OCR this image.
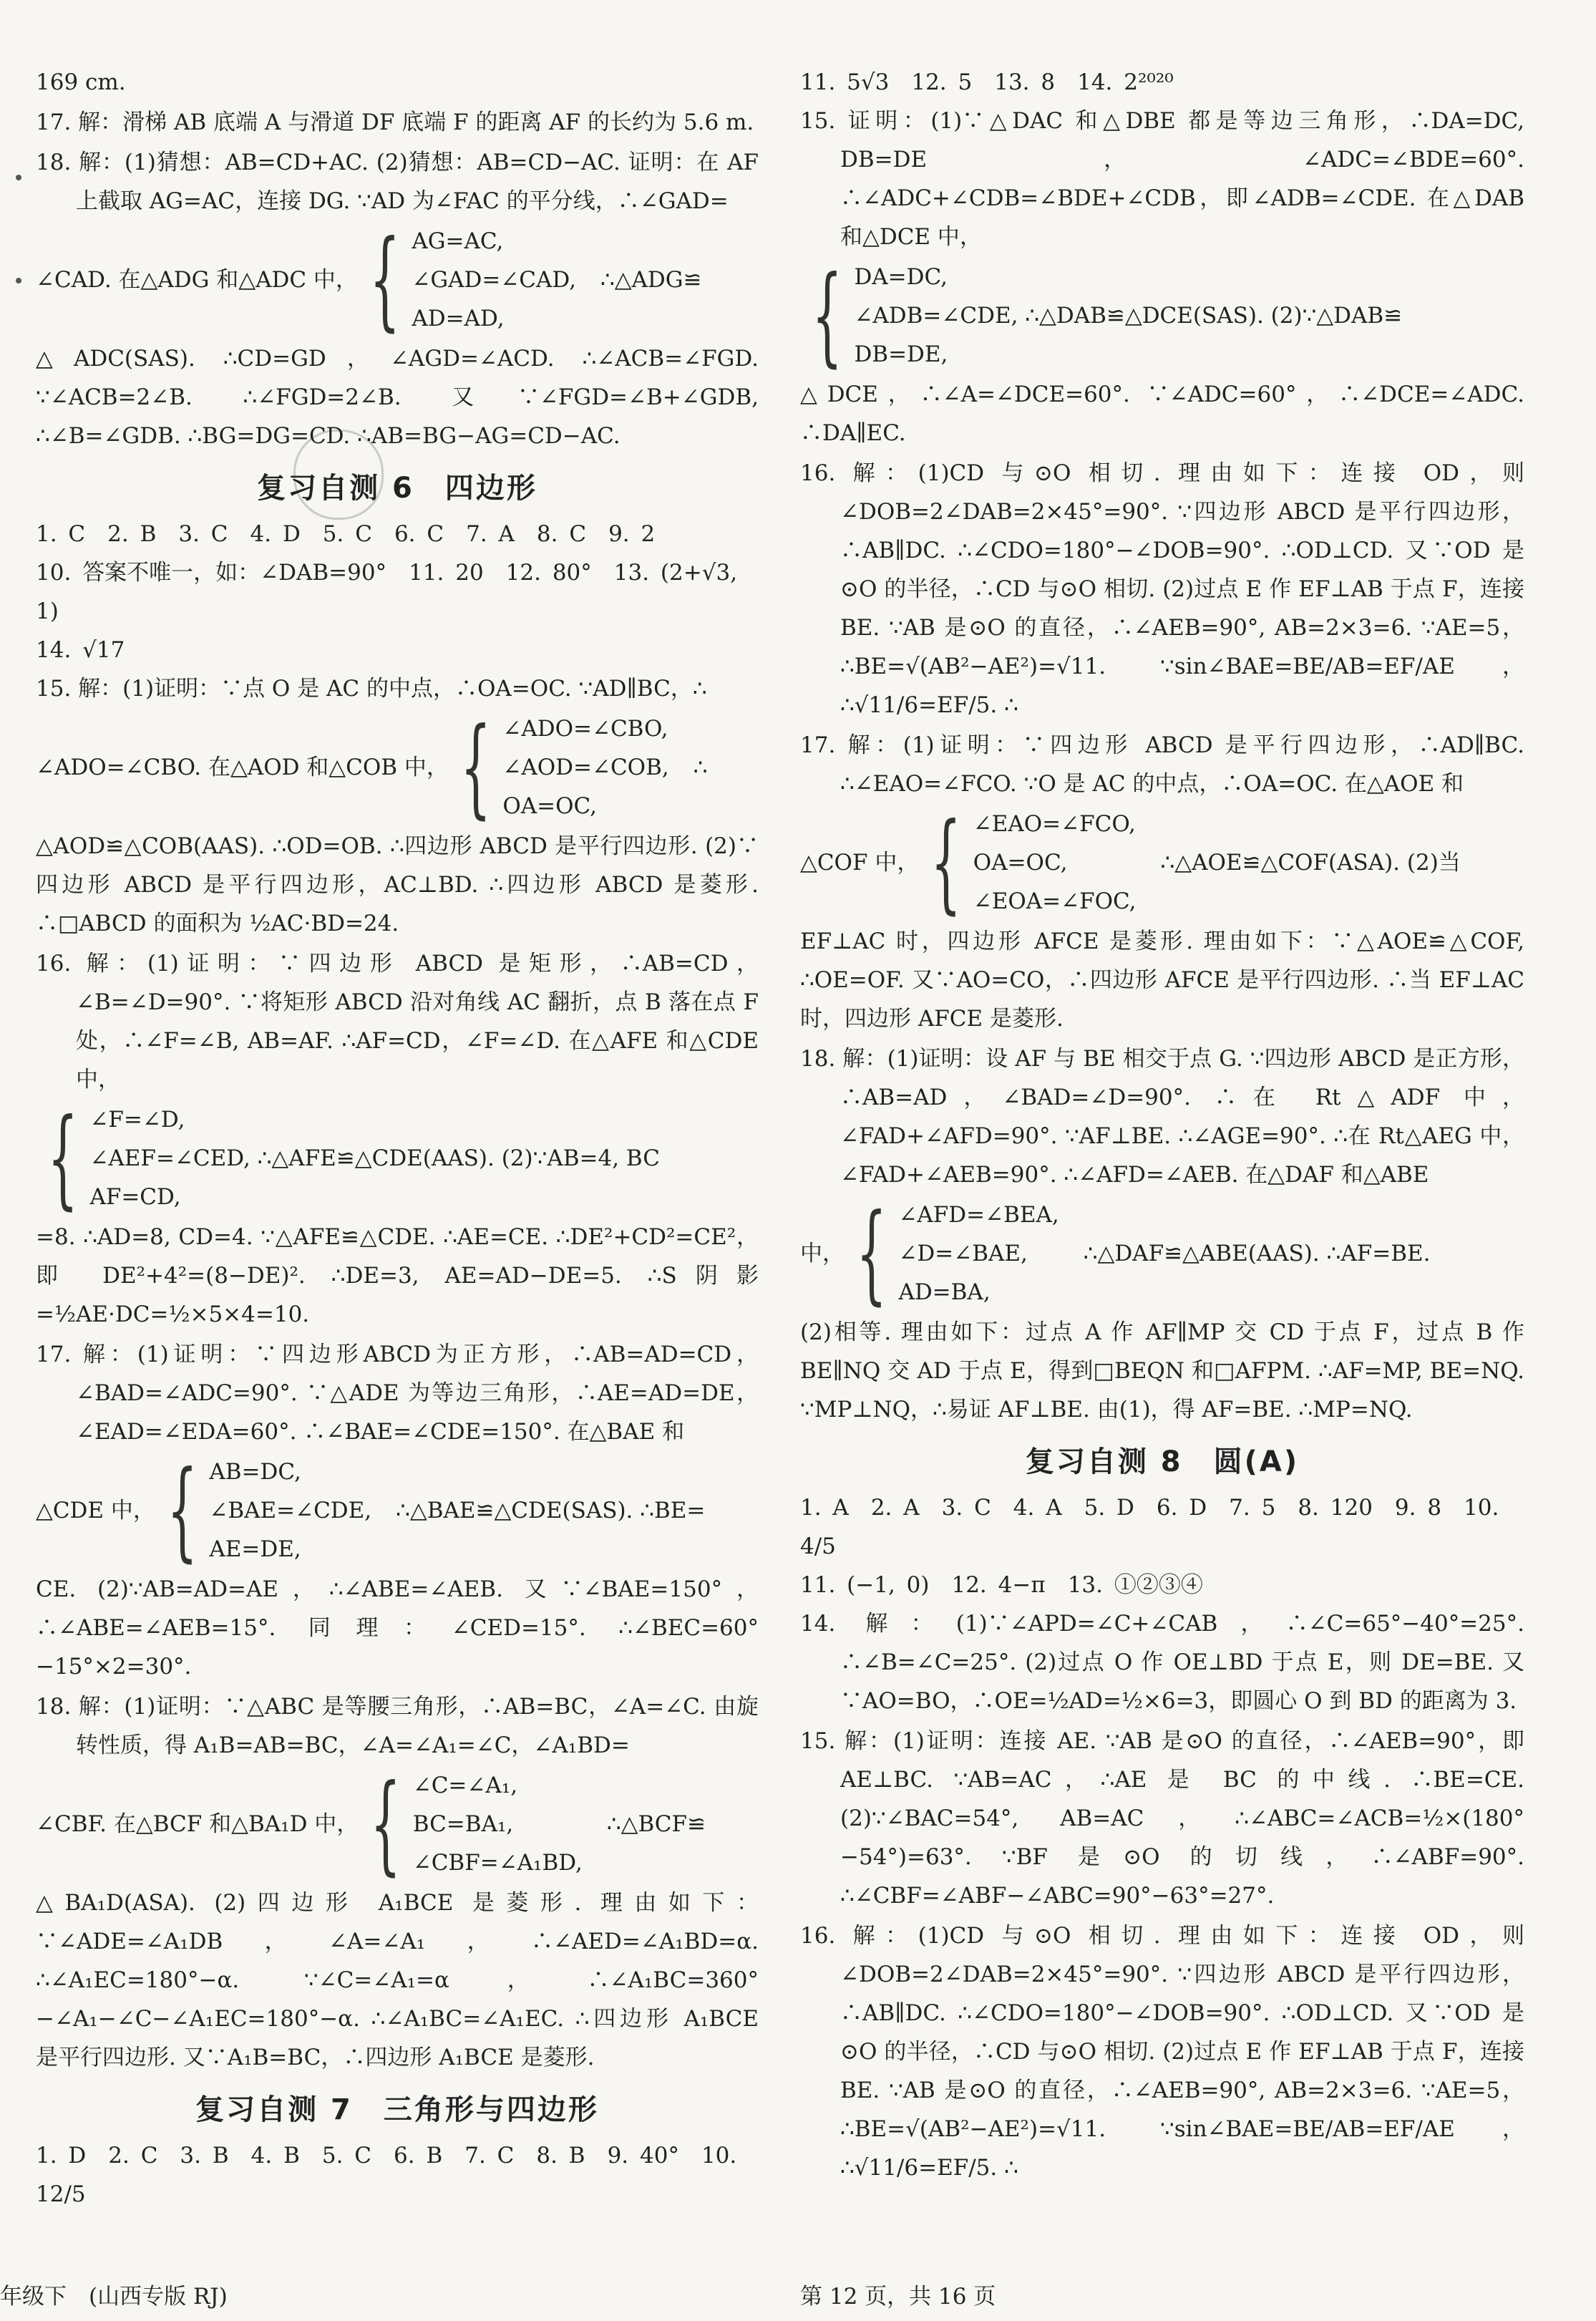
169 cm.

17. 解：滑梯 AB 底端 A 与滑道 DF 底端 F 的距离 AF 的长约为 5.6 m.

18. 解：(1)猜想：AB=CD+AC. (2)猜想：AB=CD−AC. 证明：在 AF 上截取 AG=AC，连接 DG. ∵AD 为∠FAC 的平分线，∴∠GAD=

∠CAD. 在△ADG 和△ADC 中， { AG=AC,
∠GAD=∠CAD,
AD=AD,
∴△ADG≌

△ADC(SAS). ∴CD=GD，∠AGD=∠ACD. ∴∠ACB=∠FGD. ∵∠ACB=2∠B. ∴∠FGD=2∠B. 又∵∠FGD=∠B+∠GDB, ∴∠B=∠GDB. ∴BG=DG=CD. ∴AB=BG−AG=CD−AC.

复习自测 6　四边形
1. C　2. B　3. C　4. D　5. C　6. C　7. A　8. C　9. 2
10. 答案不唯一，如：∠DAB=90°　11. 20　12. 80°　13. (2+√3, 1)
14. √17

15. 解：(1)证明：∵点 O 是 AC 的中点，∴OA=OC. ∵AD∥BC，∴

∠ADO=∠CBO. 在△AOD 和△COB 中， { ∠ADO=∠CBO,
∠AOD=∠COB,
OA=OC,
∴

△AOD≌△COB(AAS). ∴OD=OB. ∴四边形 ABCD 是平行四边形. (2)∵四边形 ABCD 是平行四边形，AC⊥BD. ∴四边形 ABCD 是菱形. ∴□ABCD 的面积为 ½AC·BD=24.

16. 解：(1)证明：∵四边形 ABCD 是矩形，∴AB=CD，∠B=∠D=90°. ∵将矩形 ABCD 沿对角线 AC 翻折，点 B 落在点 F 处，∴∠F=∠B, AB=AF. ∴AF=CD，∠F=∠D. 在△AFE 和△CDE 中，

{ ∠F=∠D,
∠AEF=∠CED, ∴△AFE≌△CDE(AAS). (2)∵AB=4, BC
AF=CD,

=8. ∴AD=8, CD=4. ∵△AFE≌△CDE. ∴AE=CE. ∴DE²+CD²=CE²，即 DE²+4²=(8−DE)². ∴DE=3, AE=AD−DE=5. ∴S阴影=½AE·DC=½×5×4=10.

17. 解：(1)证明：∵四边形ABCD为正方形，∴AB=AD=CD，∠BAD=∠ADC=90°. ∵△ADE 为等边三角形，∴AE=AD=DE，∠EAD=∠EDA=60°. ∴∠BAE=∠CDE=150°. 在△BAE 和

△CDE 中， { AB=DC,
∠BAE=∠CDE,
AE=DE,
∴△BAE≌△CDE(SAS). ∴BE=

CE. (2)∵AB=AD=AE，∴∠ABE=∠AEB. 又∵∠BAE=150°，∴∠ABE=∠AEB=15°. 同理：∠CED=15°. ∴∠BEC=60°−15°×2=30°.

18. 解：(1)证明：∵△ABC 是等腰三角形，∴AB=BC，∠A=∠C. 由旋转性质，得 A₁B=AB=BC，∠A=∠A₁=∠C，∠A₁BD=

∠CBF. 在△BCF 和△BA₁D 中， { ∠C=∠A₁,
BC=BA₁,
∠CBF=∠A₁BD,
∴△BCF≌

△BA₁D(ASA). (2)四边形 A₁BCE 是菱形. 理由如下：∵∠ADE=∠A₁DB，∠A=∠A₁，∴∠AED=∠A₁BD=α. ∴∠A₁EC=180°−α. ∵∠C=∠A₁=α，∴∠A₁BC=360°−∠A₁−∠C−∠A₁EC=180°−α. ∴∠A₁BC=∠A₁EC. ∴四边形 A₁BCE 是平行四边形. 又∵A₁B=BC，∴四边形 A₁BCE 是菱形.

复习自测 7　三角形与四边形
1. D　2. C　3. B　4. B　5. C　6. B　7. C　8. B　9. 40°　10. 12/5
11. 5√3　12. 5　13. 8　14. 2²⁰²⁰

15. 证明：(1)∵△DAC 和△DBE 都是等边三角形，∴DA=DC, DB=DE，∠ADC=∠BDE=60°. ∴∠ADC+∠CDB=∠BDE+∠CDB，即∠ADB=∠CDE. 在△DAB 和△DCE 中，

{ DA=DC,
∠ADB=∠CDE, ∴△DAB≌△DCE(SAS). (2)∵△DAB≌
DB=DE,

△DCE，∴∠A=∠DCE=60°. ∵∠ADC=60°，∴∠DCE=∠ADC. ∴DA∥EC.

16. 解：(1)CD 与⊙O 相切. 理由如下：连接 OD，则∠DOB=2∠DAB=2×45°=90°. ∵四边形 ABCD 是平行四边形，∴AB∥DC. ∴∠CDO=180°−∠DOB=90°. ∴OD⊥CD. 又∵OD 是⊙O 的半径，∴CD 与⊙O 相切. (2)过点 E 作 EF⊥AB 于点 F，连接 BE. ∵AB 是⊙O 的直径，∴∠AEB=90°, AB=2×3=6. ∵AE=5，∴BE=√(AB²−AE²)=√11. ∵sin∠BAE=BE/AB=EF/AE，∴√11/6=EF/5. ∴

17. 解：(1)证明：∵四边形 ABCD 是平行四边形，∴AD∥BC. ∴∠EAO=∠FCO. ∵O 是 AC 的中点，∴OA=OC. 在△AOE 和

△COF 中， { ∠EAO=∠FCO,
OA=OC,
∠EOA=∠FOC,
∴△AOE≌△COF(ASA). (2)当

EF⊥AC 时，四边形 AFCE 是菱形. 理由如下：∵△AOE≌△COF, ∴OE=OF. 又∵AO=CO，∴四边形 AFCE 是平行四边形. ∴当 EF⊥AC 时，四边形 AFCE 是菱形.

18. 解：(1)证明：设 AF 与 BE 相交于点 G. ∵四边形 ABCD 是正方形，∴AB=AD，∠BAD=∠D=90°. ∴在 Rt△ADF 中，∠FAD+∠AFD=90°. ∵AF⊥BE. ∴∠AGE=90°. ∴在 Rt△AEG 中，∠FAD+∠AEB=90°. ∴∠AFD=∠AEB. 在△DAF 和△ABE

中， { ∠AFD=∠BEA,
∠D=∠BAE,
AD=BA,
∴△DAF≌△ABE(AAS). ∴AF=BE.

(2)相等. 理由如下：过点 A 作 AF∥MP 交 CD 于点 F，过点 B 作 BE∥NQ 交 AD 于点 E，得到□BEQN 和□AFPM. ∴AF=MP, BE=NQ. ∵MP⊥NQ，∴易证 AF⊥BE. 由(1)，得 AF=BE. ∴MP=NQ.

复习自测 8　圆(A)
1. A　2. A　3. C　4. A　5. D　6. D　7. 5　8. 120　9. 8　10. 4/5
11. (−1, 0)　12. 4−π　13. ①②③④

14. 解：(1)∵∠APD=∠C+∠CAB，∴∠C=65°−40°=25°. ∴∠B=∠C=25°. (2)过点 O 作 OE⊥BD 于点 E，则 DE=BE. 又∵AO=BO，∴OE=½AD=½×6=3，即圆心 O 到 BD 的距离为 3.

15. 解：(1)证明：连接 AE. ∵AB 是⊙O 的直径，∴∠AEB=90°，即 AE⊥BC. ∵AB=AC，∴AE 是 BC 的中线. ∴BE=CE. (2)∵∠BAC=54°, AB=AC，∴∠ABC=∠ACB=½×(180°−54°)=63°. ∵BF 是⊙O 的切线，∴∠ABF=90°. ∴∠CBF=∠ABF−∠ABC=90°−63°=27°.

16. 解：(1)CD 与⊙O 相切. 理由如下：连接 OD，则∠DOB=2∠DAB=2×45°=90°. ∵四边形 ABCD 是平行四边形，∴AB∥DC. ∴∠CDO=180°−∠DOB=90°. ∴OD⊥CD. 又∵OD 是⊙O 的半径，∴CD 与⊙O 相切. (2)过点 E 作 EF⊥AB 于点 F，连接 BE. ∵AB 是⊙O 的直径，∴∠AEB=90°, AB=2×3=6. ∵AE=5，∴BE=√(AB²−AE²)=√11. ∵sin∠BAE=BE/AB=EF/AE，∴√11/6=EF/5. ∴

年级下　(山西专版 RJ)	第 12 页，共 16 页
